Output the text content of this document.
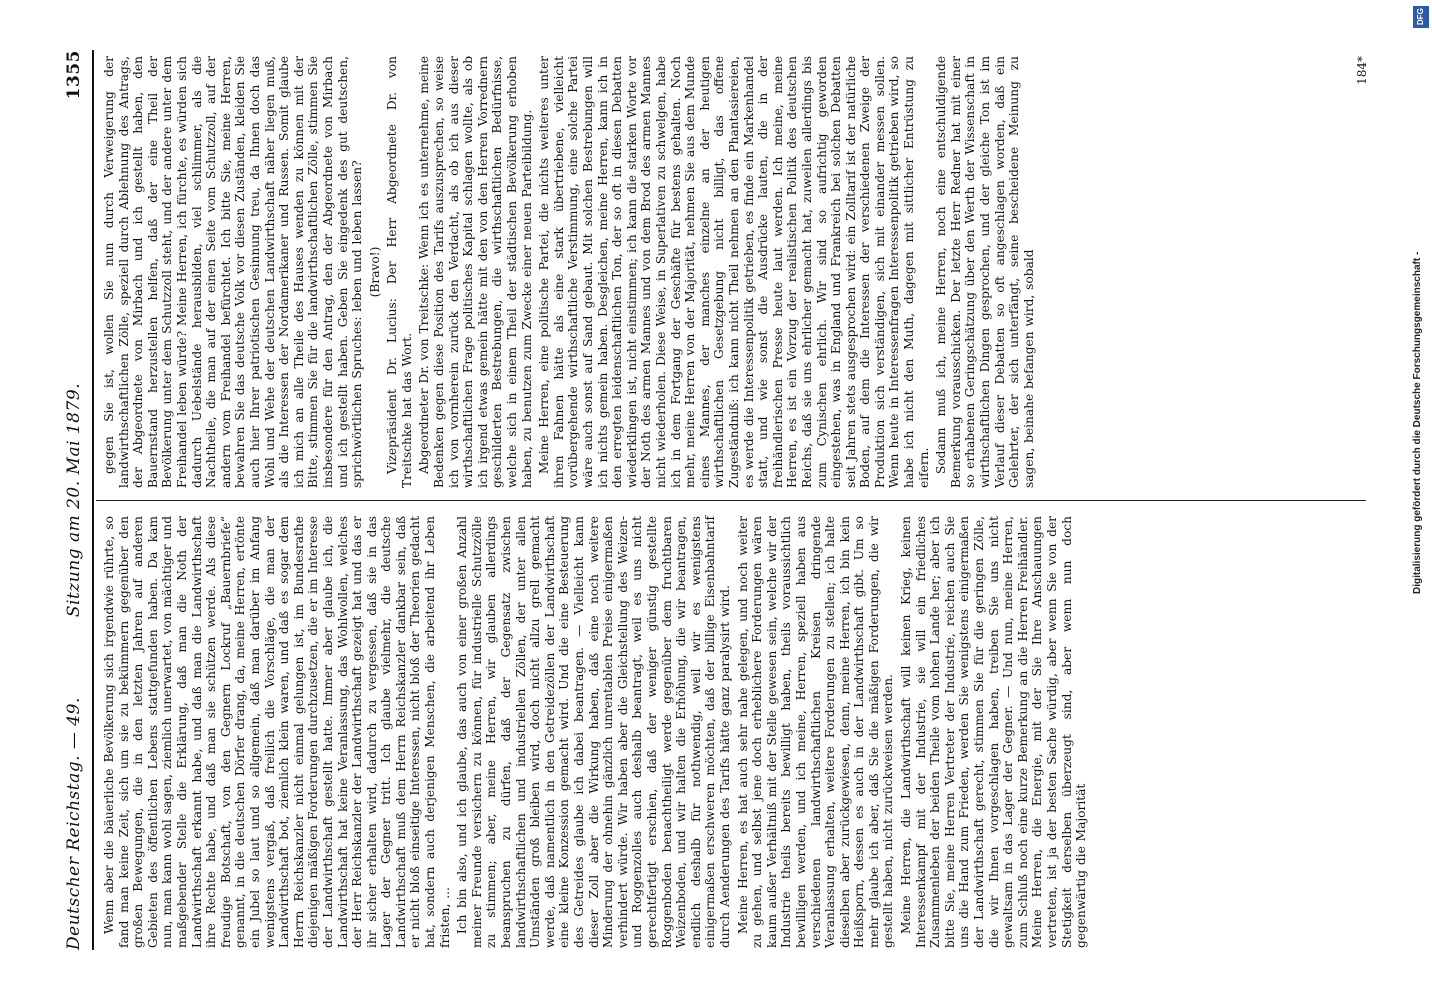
Deutscher Reichstag. — 49.
Sitzung am 20. Mai 1879.
1355

Wenn aber die bäuerliche Bevölkerung sich irgendwie rührte, so fand man keine Zeit, sich um sie zu bekümmern gegenüber den großen Bewegungen, die in den letzten Jahren auf anderen Gebieten des öffentlichen Lebens stattgefunden haben. Da kam nun, man kann wohl sagen, ziemlich unerwartet, von mächtiger und maßgebender Stelle die Erklärung, daß man die Noth der Landwirthschaft erkannt habe, und daß man die Landwirthschaft ihre Rechte habe, und daß man sie schützen werde. Als diese freudige Botschaft, von den Gegnern Lockruf „Bauernbriefe“ genannt, in die deutschen Dörfer drang, da, meine Herren, ertönte ein Jubel so laut und so allgemein, daß man darüber im Anfang wenigstens vergaß, daß freilich die Vorschläge, die man der Landwirthschaft bot, ziemlich klein waren, und daß es sogar dem Herrn Reichskanzler nicht einmal gelungen ist, im Bundesrathe diejenigen mäßigen Forderungen durchzusetzen, die er im Interesse der Landwirthschaft gestellt hatte. Immer aber glaube ich, die Landwirthschaft hat keine Veranlassung, das Wohlwollen, welches der Herr Reichskanzler der Landwirthschaft gezeigt hat und das er ihr sicher erhalten wird, dadurch zu vergessen, daß sie in das Lager der Gegner tritt. Ich glaube vielmehr, die deutsche Landwirthschaft muß dem Herrn Reichskanzler dankbar sein, daß er nicht bloß einseitige Interessen, nicht bloß der Theorien gedacht hat, sondern auch derjenigen Menschen, die arbeitend ihr Leben fristen, ... Ich bin also, und ich glaube, das auch von einer großen Anzahl meiner Freunde versichern zu können, für industrielle Schutzzölle zu stimmen; aber, meine Herren, wir glauben allerdings beanspruchen zu dürfen, daß der Gegensatz zwischen landwirthschaftlichen und industriellen Zöllen, der unter allen Umständen groß bleiben wird, doch nicht allzu grell gemacht werde, daß namentlich in den Getreidezöllen der Landwirthschaft eine kleine Konzession gemacht wird. Und die eine Besteuerung des Getreides glaube ich dabei beantragen. — Vielleicht kann dieser Zoll aber die Wirkung haben, daß eine noch weitere Minderung der ohnehin gänzlich unrentablen Preise einigermaßen verhindert würde. Wir haben aber die Gleichstellung des Weizen- und Roggenzolles auch deshalb beantragt, weil es uns nicht gerechtfertigt erschien, daß der weniger günstig gestellte Roggenboden benachtheiligt werde gegenüber dem fruchtbaren Weizenboden, und wir halten die Erhöhung, die wir beantragen, endlich deshalb für nothwendig, weil wir es wenigstens einigermaßen erschweren möchten, daß der billige Eisenbahntarif durch Aenderungen des Tarifs hätte ganz paralysirt wird. Meine Herren, es hat auch sehr nahe gelegen, und noch weiter zu gehen, und selbst jene doch erheblichere Forderungen wären kaum außer Verhältniß mit der Stelle gewesen sein, welche wir der Industrie theils bereits bewilligt haben, theils voraussichtlich bewilligen werden, und ich meine, Herren, speziell haben aus verschiedenen landwirthschaftlichen Kreisen dringende Veranlassung erhalten, weitere Forderungen zu stellen; ich halte dieselben aber zurückgewiesen, denn, meine Herren, ich bin kein Heißsporn, dessen es auch in der Landwirthschaft gibt. Um so mehr glaube ich aber, daß Sie die mäßigen Forderungen, die wir gestellt haben, nicht zurückweisen werden. Meine Herren, die Landwirthschaft will keinen Krieg, keinen Interessenkampf mit der Industrie, sie will ein friedliches Zusammenleben der beiden Theile vom hohen Lande her; aber ich bitte Sie, meine Herren Vertreter der Industrie, reichen auch Sie uns die Hand zum Frieden, werden Sie wenigstens einigermaßen der Landwirthschaft gerecht, stimmen Sie für die geringen Zölle, die wir Ihnen vorgeschlagen haben, treiben Sie uns nicht gewaltsam in das Lager der Gegner. — Und nun, meine Herren, zum Schluß noch eine kurze Bemerkung an die Herren Freihändler. Meine Herren, die Energie, mit der Sie Ihre Anschauungen vertreten, ist ja der besten Sache würdig, aber wenn Sie von der Stetigkeit derselben überzeugt sind, aber wenn nun doch gegenwärtig die Majorität

gegen Sie ist, wollen Sie nun durch Verweigerung der landwirthschaftlichen Zölle, speziell durch Ablehnung des Antrags, der Abgeordnete von Mirbach und ich gestellt haben, den Bauernstand herzustellen helfen, daß der eine Theil der Bevölkerung unter dem Schutzzoll steht, und der andere unter dem Freihandel leben würde? Meine Herren, ich fürchte, es würden sich dadurch Uebelstände herausbilden, viel schlimmer, als die Nachtheile, die man auf der einen Seite vom Schutzzoll, auf der andern vom Freihandel befürchtet. Ich bitte Sie, meine Herren, bewahren Sie das deutsche Volk vor diesen Zuständen, kleiden Sie auch hier Ihrer patriotischen Gesinnung treu, da Ihnen doch das Wohl und Wehe der deutschen Landwirthschaft näher liegen muß, als die Interessen der Nordamerikaner und Russen. Somit glaube ich mich an alle Theile des Hauses wenden zu können mit der Bitte, stimmen Sie für die landwirthschaftlichen Zölle, stimmen Sie insbesondere für den Antrag, den der Abgeordnete von Mirbach und ich gestellt haben. Geben Sie eingedenk des gut deutschen, sprichwörtlichen Spruches: leben und leben lassen? (Bravo!) Vizepräsident Dr. Lucius: Der Herr Abgeordnete Dr. von Treitschke hat das Wort. Abgeordneter Dr. von Treitschke: Wenn ich es unternehme, meine Bedenken gegen diese Position des Tarifs auszusprechen, so weise ich von vornherein zurück den Verdacht, als ob ich aus dieser wirthschaftlichen Frage politisches Kapital schlagen wollte, als ob ich irgend etwas gemein hätte mit den von den Herren Vorrednern geschilderten Bestrebungen, die wirthschaftlichen Bedürfnisse, welche sich in einem Theil der städtischen Bevölkerung erhoben haben, zu benutzen zum Zwecke einer neuen Parteibildung. Meine Herren, eine politische Partei, die nichts weiteres unter ihren Fahnen hätte als eine stark übertriebene, vielleicht vorübergehende wirthschaftliche Verstimmung, eine solche Partei wäre auch sonst auf Sand gebaut. Mit solchen Bestrebungen will ich nichts gemein haben. Desgleichen, meine Herren, kann ich in den erregten leidenschaftlichen Ton, der so oft in diesen Debatten wiederklingen ist, nicht einstimmen; ich kann die starken Worte vor der Noth des armen Mannes und von dem Brod des armen Mannes nicht wiederholen. Diese Weise, in Superlativen zu schwelgen, habe ich in dem Fortgang der Geschäfte für bestens gehalten. Noch mehr, meine Herren von der Majorität, nehmen Sie aus dem Munde eines Mannes, der manches einzelne an der heutigen wirthschaftlichen Gesetzgebung nicht billigt, das offene Zugeständniß: ich kann nicht Theil nehmen an den Phantasiereien, es werde die Interessenpolitik getrieben, es finde ein Markenhandel statt, und wie sonst die Ausdrücke lauten, die in der freihändlerischen Presse heute laut werden. Ich meine, meine Herren, es ist ein Vorzug der realistischen Politik des deutschen Reichs, daß sie uns ehrlicher gemacht hat, zuweilen allerdings bis zum Cynischen ehrlich. Wir sind so aufrichtig geworden eingestehen, was in England und Frankreich bei solchen Debatten seit Jahren stets ausgesprochen wird: ein Zolltarif ist der natürliche Boden, auf dem die Interessen der verschiedenen Zweige der Produktion sich verständigen, sich mit einander messen sollen. Wenn heute in Interessenfragen Interessenpolitik getrieben wird, so habe ich nicht den Muth, dagegen mit sittlicher Entrüstung zu eifern. Sodann muß ich, meine Herren, noch eine entschuldigende Bemerkung vorausschicken. Der letzte Herr Redner hat mit einer so erhabenen Geringschätzung über den Werth der Wissenschaft in wirthschaftlichen Dingen gesprochen, und der gleiche Ton ist im Verlauf dieser Debatten so oft angeschlagen worden, daß ein Gelehrter, der sich unterfängt, seine bescheidene Meinung zu sagen, beinahe befangen wird, sobald

184*
DFG
Digitalisierung gefördert durch die Deutsche Forschungsgemeinschaft -
